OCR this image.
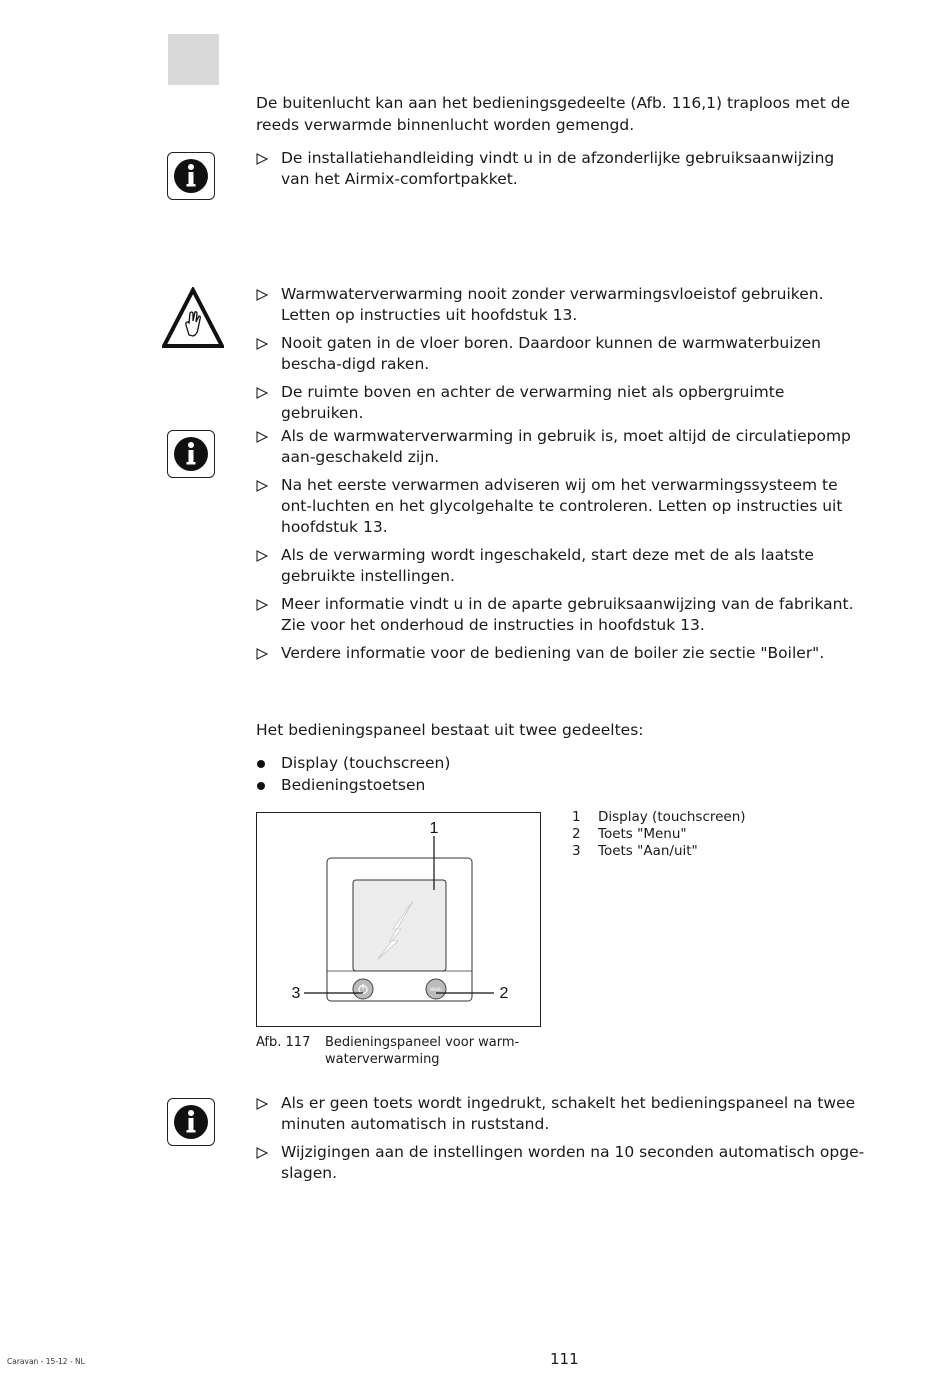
De buitenlucht kan aan het bedieningsgedeelte (Afb. 116,1) traploos met de reeds verwarmde binnenlucht worden gemengd.

De installatiehandleiding vindt u in de afzonderlijke gebruiksaanwijzing van het Airmix-comfortpakket.
Warmwaterverwarming nooit zonder verwarmingsvloeistof gebruiken. Letten op instructies uit hoofdstuk 13.
Nooit gaten in de vloer boren. Daardoor kunnen de warmwaterbuizen bescha-digd raken.
De ruimte boven en achter de verwarming niet als opbergruimte gebruiken.
Als de warmwaterverwarming in gebruik is, moet altijd de circulatiepomp aan-geschakeld zijn.
Na het eerste verwarmen adviseren wij om het verwarmingssysteem te ont-luchten en het glycolgehalte te controleren. Letten op instructies uit hoofdstuk 13.
Als de verwarming wordt ingeschakeld, start deze met de als laatste gebruikte instellingen.
Meer informatie vindt u in de aparte gebruiksaanwijzing van de fabrikant. Zie voor het onderhoud de instructies in hoofdstuk 13.
Verdere informatie voor de bediening van de boiler zie sectie "Boiler".

Het bedieningspaneel bestaat uit twee gedeeltes:

Display (touchscreen)
Bedieningstoetsen
MENU
1
2
3
Afb. 117 Bedieningspaneel voor warm-waterverwarming
1 Display (touchscreen)
2 Toets "Menu"
3 Toets "Aan/uit"
Als er geen toets wordt ingedrukt, schakelt het bedieningspaneel na twee minuten automatisch in ruststand.
Wijzigingen aan de instellingen worden na 10 seconden automatisch opge-slagen.
Caravan - 15-12 - NL	111
